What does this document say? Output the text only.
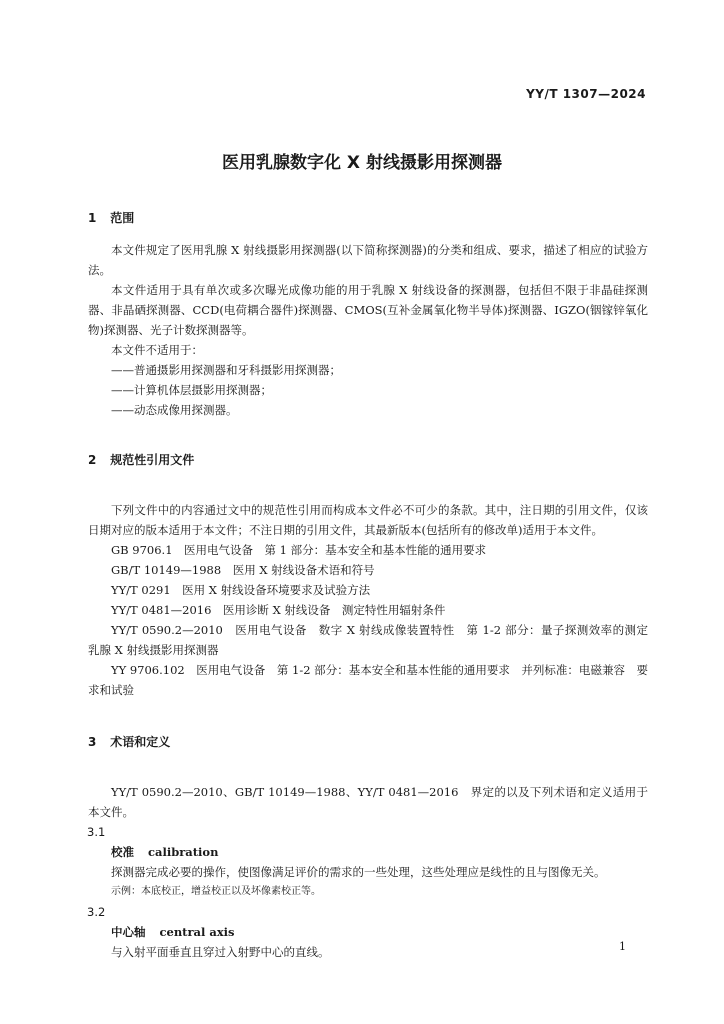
YY/T 1307—2024
医用乳腺数字化 X 射线摄影用探测器
1 范围
本文件规定了医用乳腺 X 射线摄影用探测器(以下简称探测器)的分类和组成、要求，描述了相应的试验方法。
本文件适用于具有单次或多次曝光成像功能的用于乳腺 X 射线设备的探测器，包括但不限于非晶硅探测器、非晶硒探测器、CCD(电荷耦合器件)探测器、CMOS(互补金属氧化物半导体)探测器、IGZO(铟镓锌氧化物)探测器、光子计数探测器等。
本文件不适用于：
——普通摄影用探测器和牙科摄影用探测器；
——计算机体层摄影用探测器；
——动态成像用探测器。
2 规范性引用文件
下列文件中的内容通过文中的规范性引用而构成本文件必不可少的条款。其中，注日期的引用文件，仅该日期对应的版本适用于本文件；不注日期的引用文件，其最新版本(包括所有的修改单)适用于本文件。
GB 9706.1　医用电气设备　第 1 部分：基本安全和基本性能的通用要求
GB/T 10149—1988　医用 X 射线设备术语和符号
YY/T 0291　医用 X 射线设备环境要求及试验方法
YY/T 0481—2016　医用诊断 X 射线设备　测定特性用辐射条件
YY/T 0590.2—2010　医用电气设备　数字 X 射线成像装置特性　第 1-2 部分：量子探测效率的测定　乳腺 X 射线摄影用探测器
YY 9706.102　医用电气设备　第 1-2 部分：基本安全和基本性能的通用要求　并列标准：电磁兼容　要求和试验
3 术语和定义
YY/T 0590.2—2010、GB/T 10149—1988、YY/T 0481—2016　界定的以及下列术语和定义适用于本文件。
3.1
校准 calibration
探测器完成必要的操作，使图像满足评价的需求的一些处理，这些处理应是线性的且与图像无关。
示例：本底校正，增益校正以及坏像素校正等。
3.2
中心轴 central axis
与入射平面垂直且穿过入射野中心的直线。	1
